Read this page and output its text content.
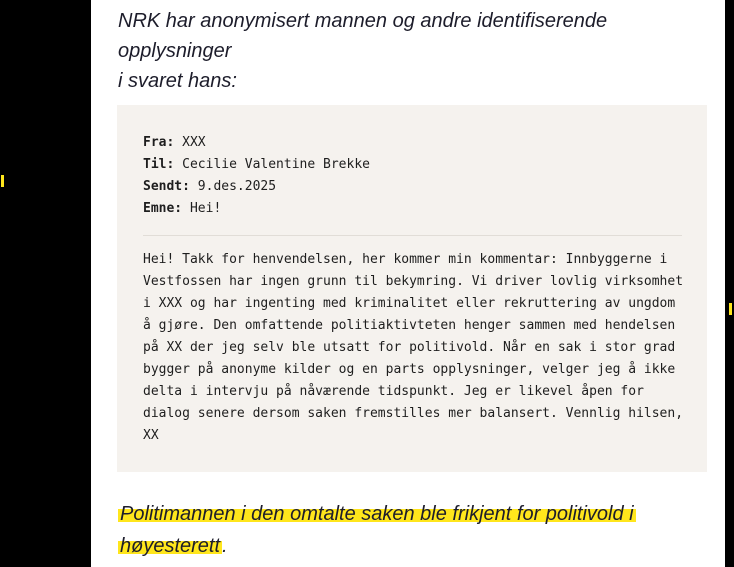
NRK har anonymisert mannen og andre identifiserende opplysninger
i svaret hans:

Fra: XXX
Til: Cecilie Valentine Brekke
Sendt: 9.des.2025
Emne: Hei!

Hei! Takk for henvendelsen, her kommer min kommentar: Innbyggerne i Vestfossen har ingen grunn til bekymring. Vi driver lovlig virksomhet i XXX og har ingenting med kriminalitet eller rekruttering av ungdom å gjøre. Den omfattende politiaktivteten henger sammen med hendelsen på XX der jeg selv ble utsatt for politivold. Når en sak i stor grad bygger på anonyme kilder og en parts opplysninger, velger jeg å ikke delta i intervju på nåværende tidspunkt. Jeg er likevel åpen for dialog senere dersom saken fremstilles mer balansert. Vennlig hilsen, XX

Politimannen i den omtalte saken ble frikjent for politivold i høyesterett .
